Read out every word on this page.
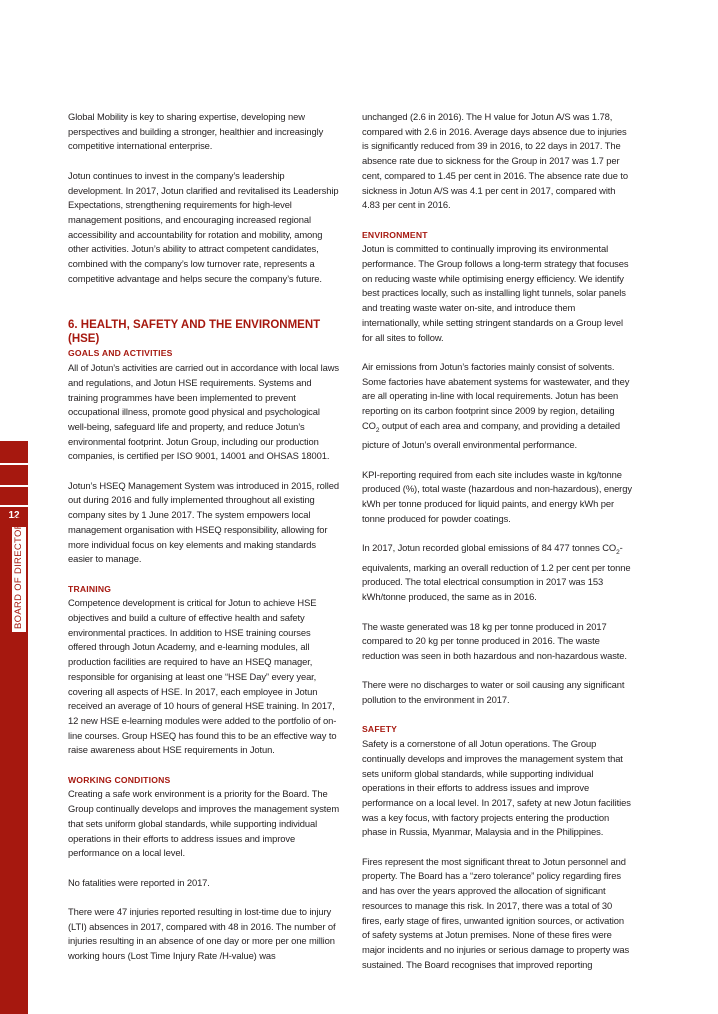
12
BOARD OF DIRECTORS

Global Mobility is key to sharing expertise, developing new perspectives and building a stronger, healthier and increasingly competitive international enterprise.

Jotun continues to invest in the company’s leadership development. In 2017, Jotun clarified and revitalised its Leadership Expectations, strengthening requirements for high-level management positions, and encouraging increased regional accessibility and accountability for rotation and mobility, among other activities. Jotun’s ability to attract competent candidates, combined with the company’s low turnover rate, represents a competitive advantage and helps secure the company’s future.

6. HEALTH, SAFETY AND THE ENVIRONMENT (HSE)
GOALS AND ACTIVITIES

All of Jotun’s activities are carried out in accordance with local laws and regulations, and Jotun HSE requirements. Systems and training programmes have been implemented to prevent occupational illness, promote good physical and psychological well-being, safeguard life and property, and reduce Jotun’s environmental footprint. Jotun Group, including our production companies, is certified per ISO 9001, 14001 and OHSAS 18001.

Jotun’s HSEQ Management System was introduced in 2015, rolled out during 2016 and fully implemented throughout all existing company sites by 1 June 2017. The system empowers local management organisation with HSEQ responsibility, allowing for more individual focus on key elements and making standards easier to manage.

TRAINING

Competence development is critical for Jotun to achieve HSE objectives and build a culture of effective health and safety environmental practices. In addition to HSE training courses offered through Jotun Academy, and e-learning modules, all production facilities are required to have an HSEQ manager, responsible for organising at least one “HSE Day” every year, covering all aspects of HSE. In 2017, each employee in Jotun received an average of 10 hours of general HSE training. In 2017, 12 new HSE e-learning modules were added to the portfolio of on-line courses. Group HSEQ has found this to be an effective way to raise awareness about HSE requirements in Jotun.

WORKING CONDITIONS

Creating a safe work environment is a priority for the Board. The Group continually develops and improves the management system that sets uniform global standards, while supporting individual operations in their efforts to address issues and improve performance on a local level.

No fatalities were reported in 2017.

There were 47 injuries reported resulting in lost-time due to injury (LTI) absences in 2017, compared with 48 in 2016. The number of injuries resulting in an absence of one day or more per one million working hours (Lost Time Injury Rate /H-value) was

unchanged (2.6 in 2016). The H value for Jotun A/S was 1.78, compared with 2.6 in 2016. Average days absence due to injuries is significantly reduced from 39 in 2016, to 22 days in 2017. The absence rate due to sickness for the Group in 2017 was 1.7 per cent, compared to 1.45 per cent in 2016. The absence rate due to sickness in Jotun A/S was 4.1 per cent in 2017, compared with 4.83 per cent in 2016.

ENVIRONMENT

Jotun is committed to continually improving its environmental performance. The Group follows a long-term strategy that focuses on reducing waste while optimising energy efficiency. We identify best practices locally, such as installing light tunnels, solar panels and treating waste water on-site, and introduce them internationally, while setting stringent standards on a Group level for all sites to follow.

Air emissions from Jotun’s factories mainly consist of solvents. Some factories have abatement systems for wastewater, and they are all operating in-line with local requirements. Jotun has been reporting on its carbon footprint since 2009 by region, detailing $CO_2$ output of each area and company, and providing a detailed picture of Jotun’s overall environmental performance.

KPI-reporting required from each site includes waste in kg/tonne produced (%), total waste (hazardous and non-hazardous), energy kWh per tonne produced for liquid paints, and energy kWh per tonne produced for powder coatings.

In 2017, Jotun recorded global emissions of 84 477 tonnes $CO_2$-equivalents, marking an overall reduction of 1.2 per cent per tonne produced. The total electrical consumption in 2017 was 153 kWh/tonne produced, the same as in 2016.

The waste generated was 18 kg per tonne produced in 2017 compared to 20 kg per tonne produced in 2016. The waste reduction was seen in both hazardous and non-hazardous waste.

There were no discharges to water or soil causing any significant pollution to the environment in 2017.

SAFETY

Safety is a cornerstone of all Jotun operations. The Group continually develops and improves the management system that sets uniform global standards, while supporting individual operations in their efforts to address issues and improve performance on a local level. In 2017, safety at new Jotun facilities was a key focus, with factory projects entering the production phase in Russia, Myanmar, Malaysia and in the Philippines.

Fires represent the most significant threat to Jotun personnel and property. The Board has a “zero tolerance” policy regarding fires and has over the years approved the allocation of significant resources to manage this risk. In 2017, there was a total of 30 fires, early stage of fires, unwanted ignition sources, or activation of safety systems at Jotun premises. None of these fires were major incidents and no injuries or serious damage to property was sustained. The Board recognises that improved reporting
